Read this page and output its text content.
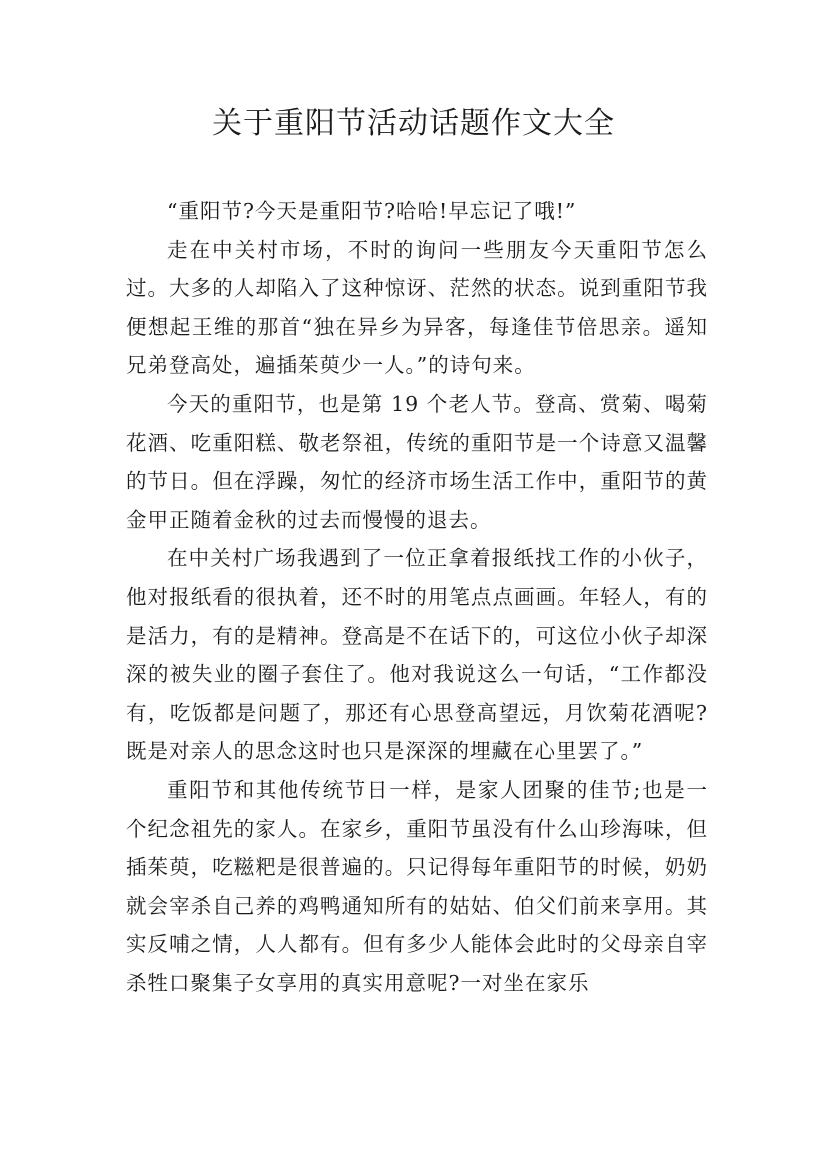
关于重阳节活动话题作文大全

“重阳节?今天是重阳节?哈哈!早忘记了哦!”

走在中关村市场，不时的询问一些朋友今天重阳节怎么过。大多的人却陷入了这种惊讶、茫然的状态。说到重阳节我便想起王维的那首“独在异乡为异客，每逢佳节倍思亲。遥知兄弟登高处，遍插茱萸少一人。”的诗句来。

今天的重阳节，也是第 19 个老人节。登高、赏菊、喝菊花酒、吃重阳糕、敬老祭祖，传统的重阳节是一个诗意又温馨的节日。但在浮躁，匆忙的经济市场生活工作中，重阳节的黄金甲正随着金秋的过去而慢慢的退去。

在中关村广场我遇到了一位正拿着报纸找工作的小伙子，他对报纸看的很执着，还不时的用笔点点画画。年轻人，有的是活力，有的是精神。登高是不在话下的，可这位小伙子却深深的被失业的圈子套住了。他对我说这么一句话，“工作都没有，吃饭都是问题了，那还有心思登高望远，月饮菊花酒呢?既是对亲人的思念这时也只是深深的埋藏在心里罢了。”

重阳节和其他传统节日一样，是家人团聚的佳节;也是一个纪念祖先的家人。在家乡，重阳节虽没有什么山珍海味，但插茱萸，吃糍粑是很普遍的。只记得每年重阳节的时候，奶奶就会宰杀自己养的鸡鸭通知所有的姑姑、伯父们前来享用。其实反哺之情，人人都有。但有多少人能体会此时的父母亲自宰杀牲口聚集子女享用的真实用意呢?一对坐在家乐
